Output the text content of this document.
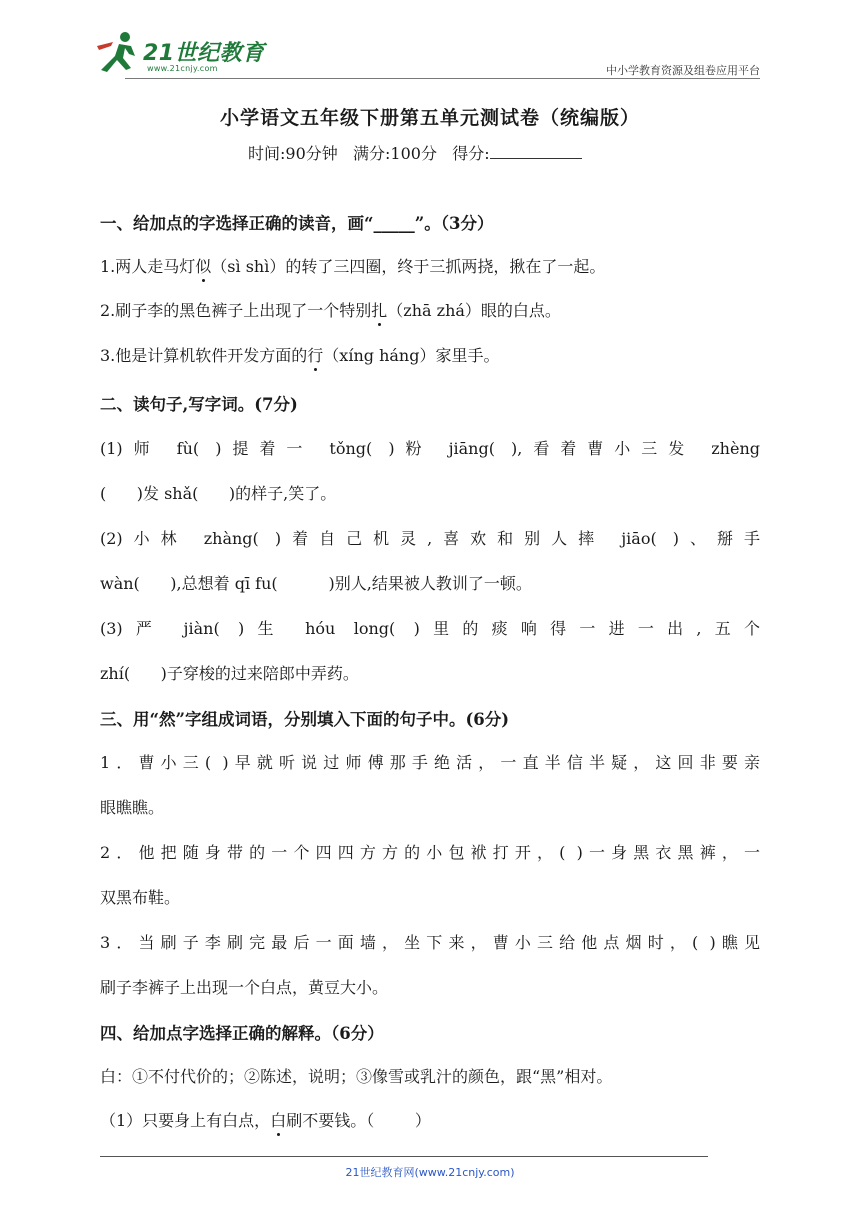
21世纪教育
www.21cnjy.com	中小学教育资源及组卷应用平台
小学语文五年级下册第五单元测试卷（统编版）
时间:90分钟 满分:100分 得分:
一、给加点的字选择正确的读音，画“_____”。（3分）
1.两人走马灯似（sì shì）的转了三四圈，终于三抓两挠，揪在了一起。
2.刷子李的黑色裤子上出现了一个特别扎（zhā zhá）眼的白点。
3.他是计算机软件开发方面的行（xíng háng）家里手。
二、读句子,写字词。(7分)
(1)师 fù( )提着一 tǒng( )粉 jiāng( ),看着曹小三发 zhèng
(      )发 shǎ(      )的样子,笑了。
(2)小林 zhàng( )着自己机灵,喜欢和别人摔 jiāo( )、掰手
wàn(      ),总想着 qī fu(          )别人,结果被人教训了一顿。
(3)严 jiàn( )生 hóu long( )里的痰响得一进一出,五个
zhí(      )子穿梭的过来陪郎中弄药。
三、用“然”字组成词语，分别填入下面的句子中。(6分)
1．曹小三( )早就听说过师傅那手绝活，一直半信半疑，这回非要亲
眼瞧瞧。
2．他把随身带的一个四四方方的小包袱打开，( )一身黑衣黑裤，一
双黑布鞋。
3．当刷子李刷完最后一面墙，坐下来，曹小三给他点烟时，( )瞧见
刷子李裤子上出现一个白点，黄豆大小。
四、给加点字选择正确的解释。（6分）
白：①不付代价的；②陈述，说明；③像雪或乳汁的颜色，跟“黑”相对。
（1）只要身上有白点，白刷不要钱。（        ）
21世纪教育网(www.21cnjy.com)
